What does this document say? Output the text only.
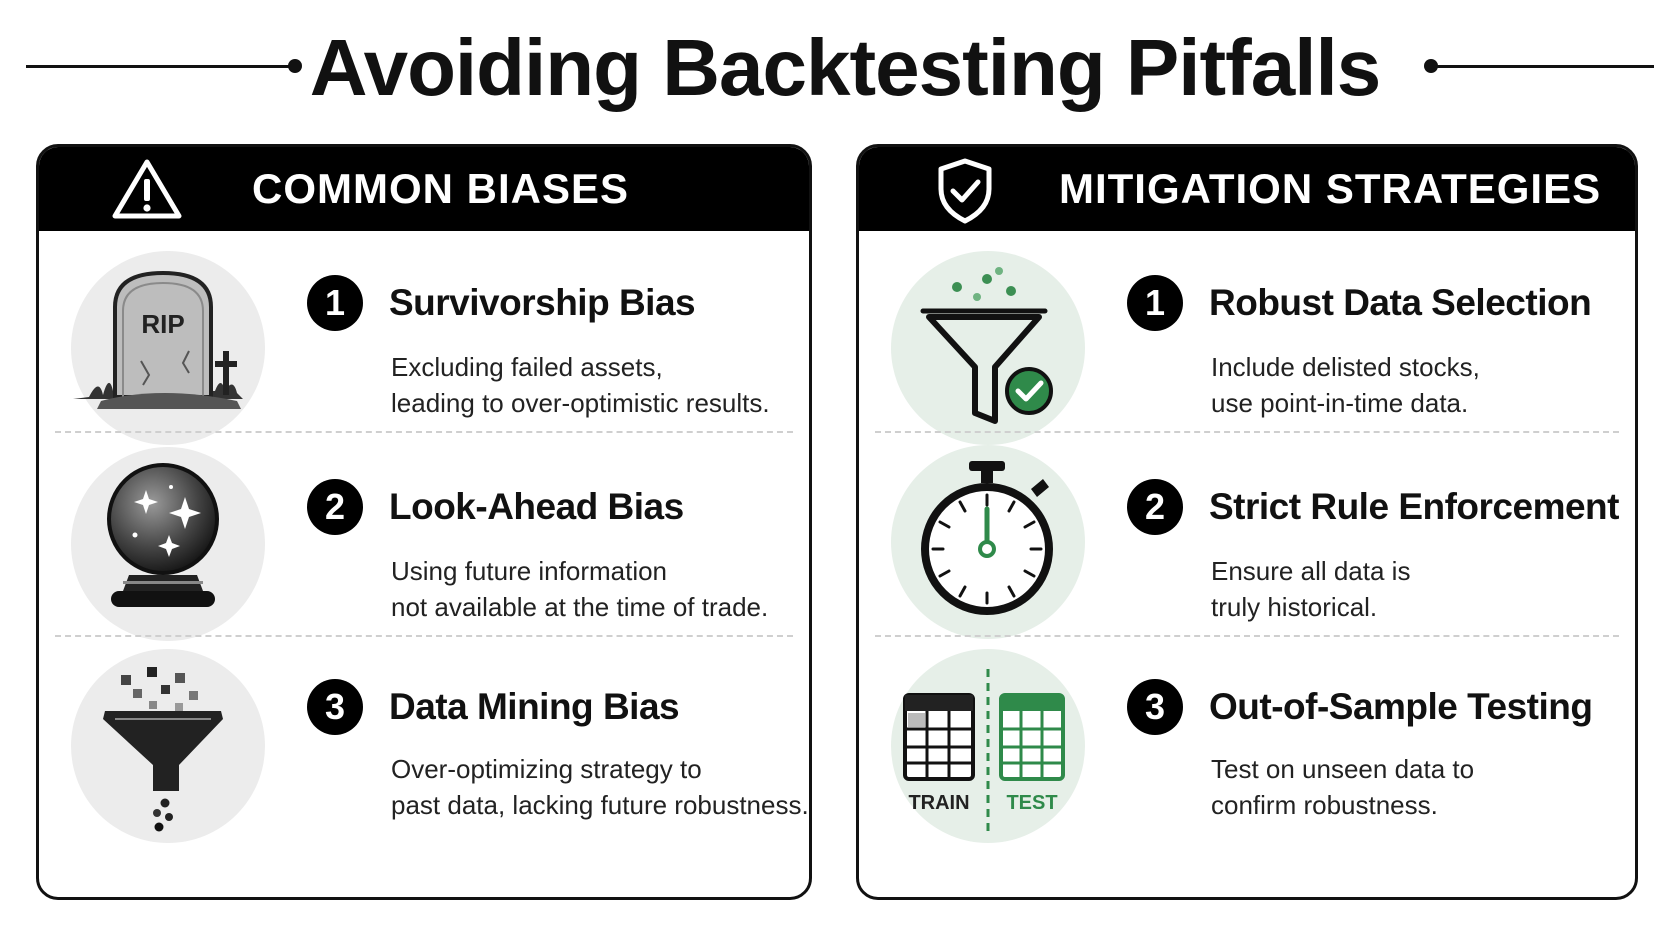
Avoiding Backtesting Pitfalls
COMMON BIASES
RIP
1	Survivorship Bias
Excluding failed assets,
leading to over-optimistic results.
2	Look-Ahead Bias
Using future information
not available at the time of trade.
3	Data Mining Bias
Over-optimizing strategy to
past data, lacking future robustness.
MITIGATION STRATEGIES
1	Robust Data Selection
Include delisted stocks,
use point-in-time data.
2	Strict Rule Enforcement
Ensure all data is
truly historical.
TRAIN TEST
3	Out-of-Sample Testing
Test on unseen data to
confirm robustness.
